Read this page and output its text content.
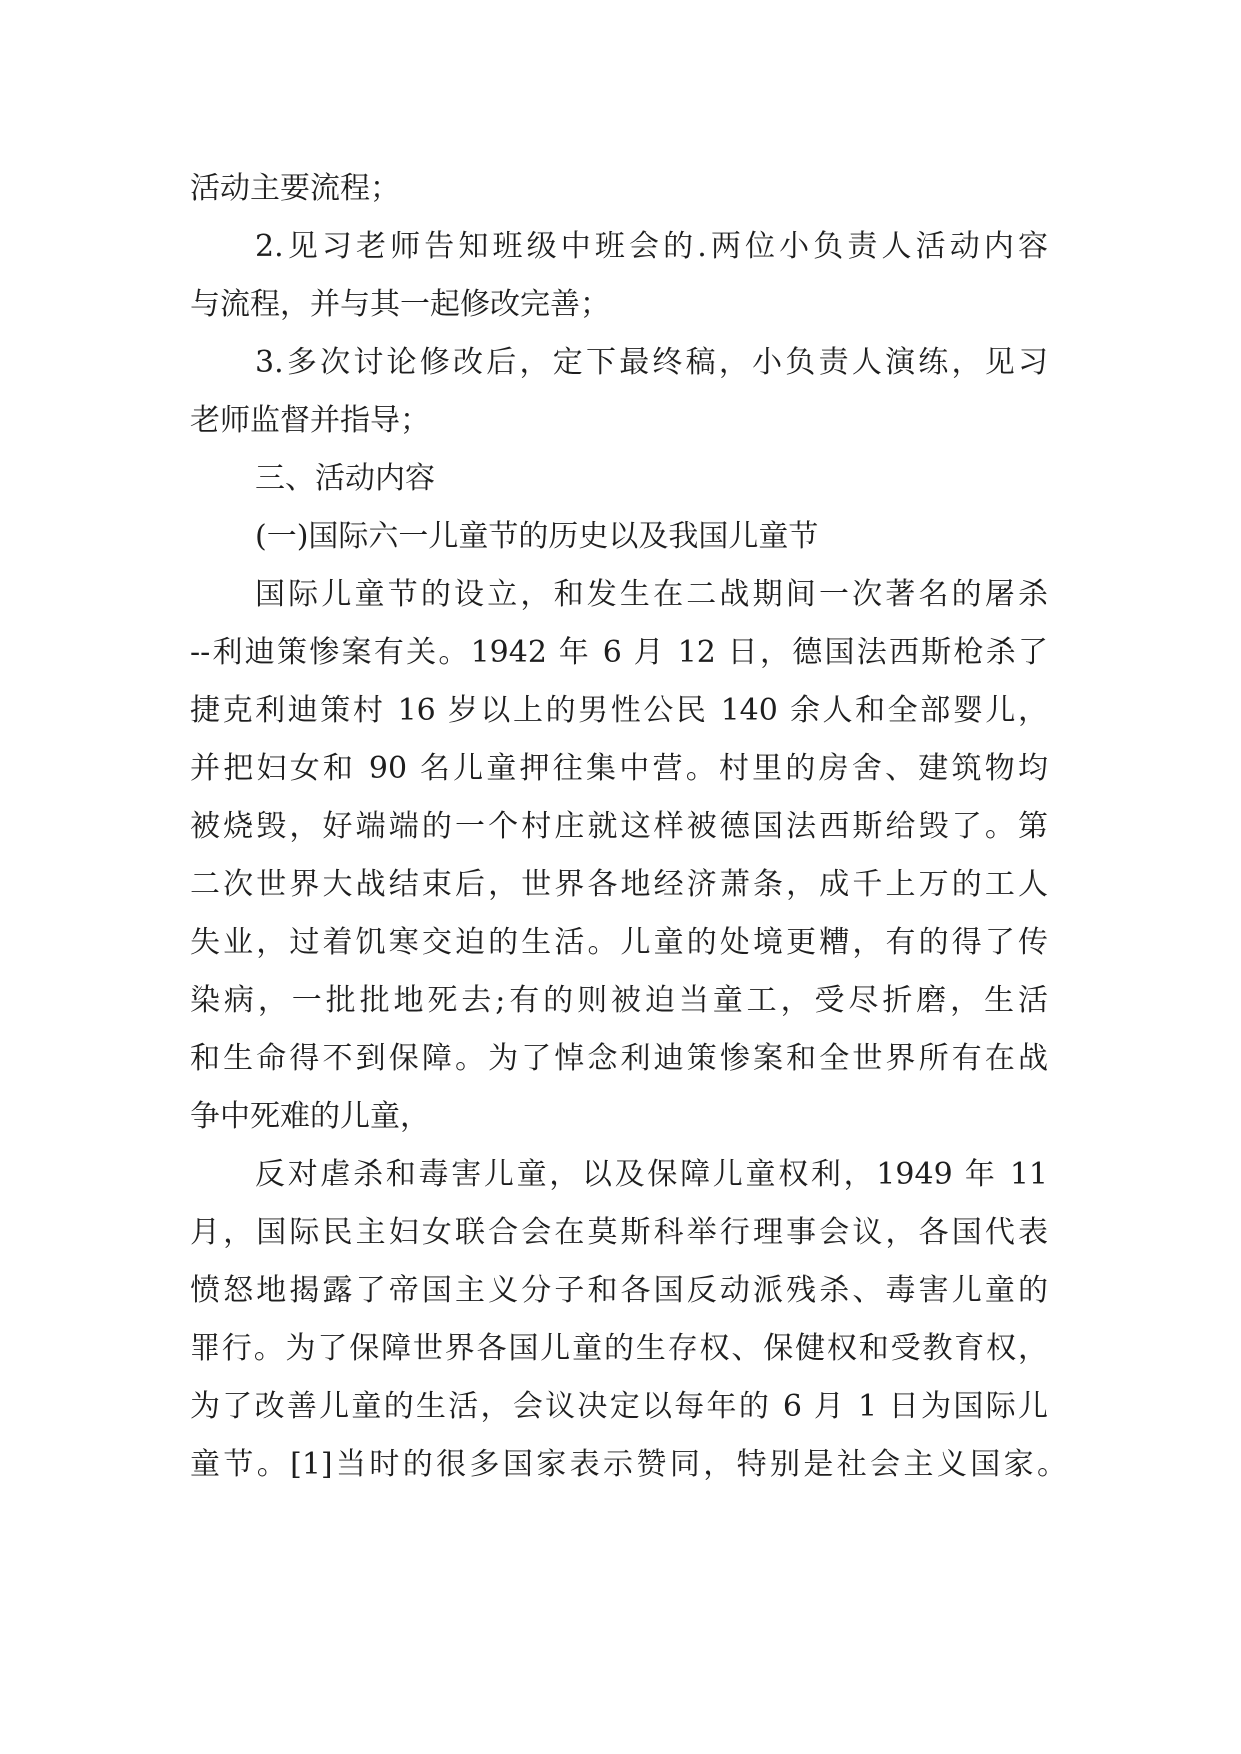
活动主要流程；
2.见习老师告知班级中班会的.两位小负责人活动内容
与流程，并与其一起修改完善；
3.多次讨论修改后，定下最终稿，小负责人演练，见习
老师监督并指导；
三、活动内容
(一)国际六一儿童节的历史以及我国儿童节
国际儿童节的设立，和发生在二战期间一次著名的屠杀
--利迪策惨案有关。1942 年 6 月 12 日，德国法西斯枪杀了
捷克利迪策村 16 岁以上的男性公民 140 余人和全部婴儿，
并把妇女和 90 名儿童押往集中营。村里的房舍、建筑物均
被烧毁，好端端的一个村庄就这样被德国法西斯给毁了。第
二次世界大战结束后，世界各地经济萧条，成千上万的工人
失业，过着饥寒交迫的生活。儿童的处境更糟，有的得了传
染病，一批批地死去;有的则被迫当童工，受尽折磨，生活
和生命得不到保障。为了悼念利迪策惨案和全世界所有在战
争中死难的儿童，
反对虐杀和毒害儿童，以及保障儿童权利，1949 年 11
月，国际民主妇女联合会在莫斯科举行理事会议，各国代表
愤怒地揭露了帝国主义分子和各国反动派残杀、毒害儿童的
罪行。为了保障世界各国儿童的生存权、保健权和受教育权，
为了改善儿童的生活，会议决定以每年的 6 月 1 日为国际儿
童节。[1]当时的很多国家表示赞同，特别是社会主义国家。
